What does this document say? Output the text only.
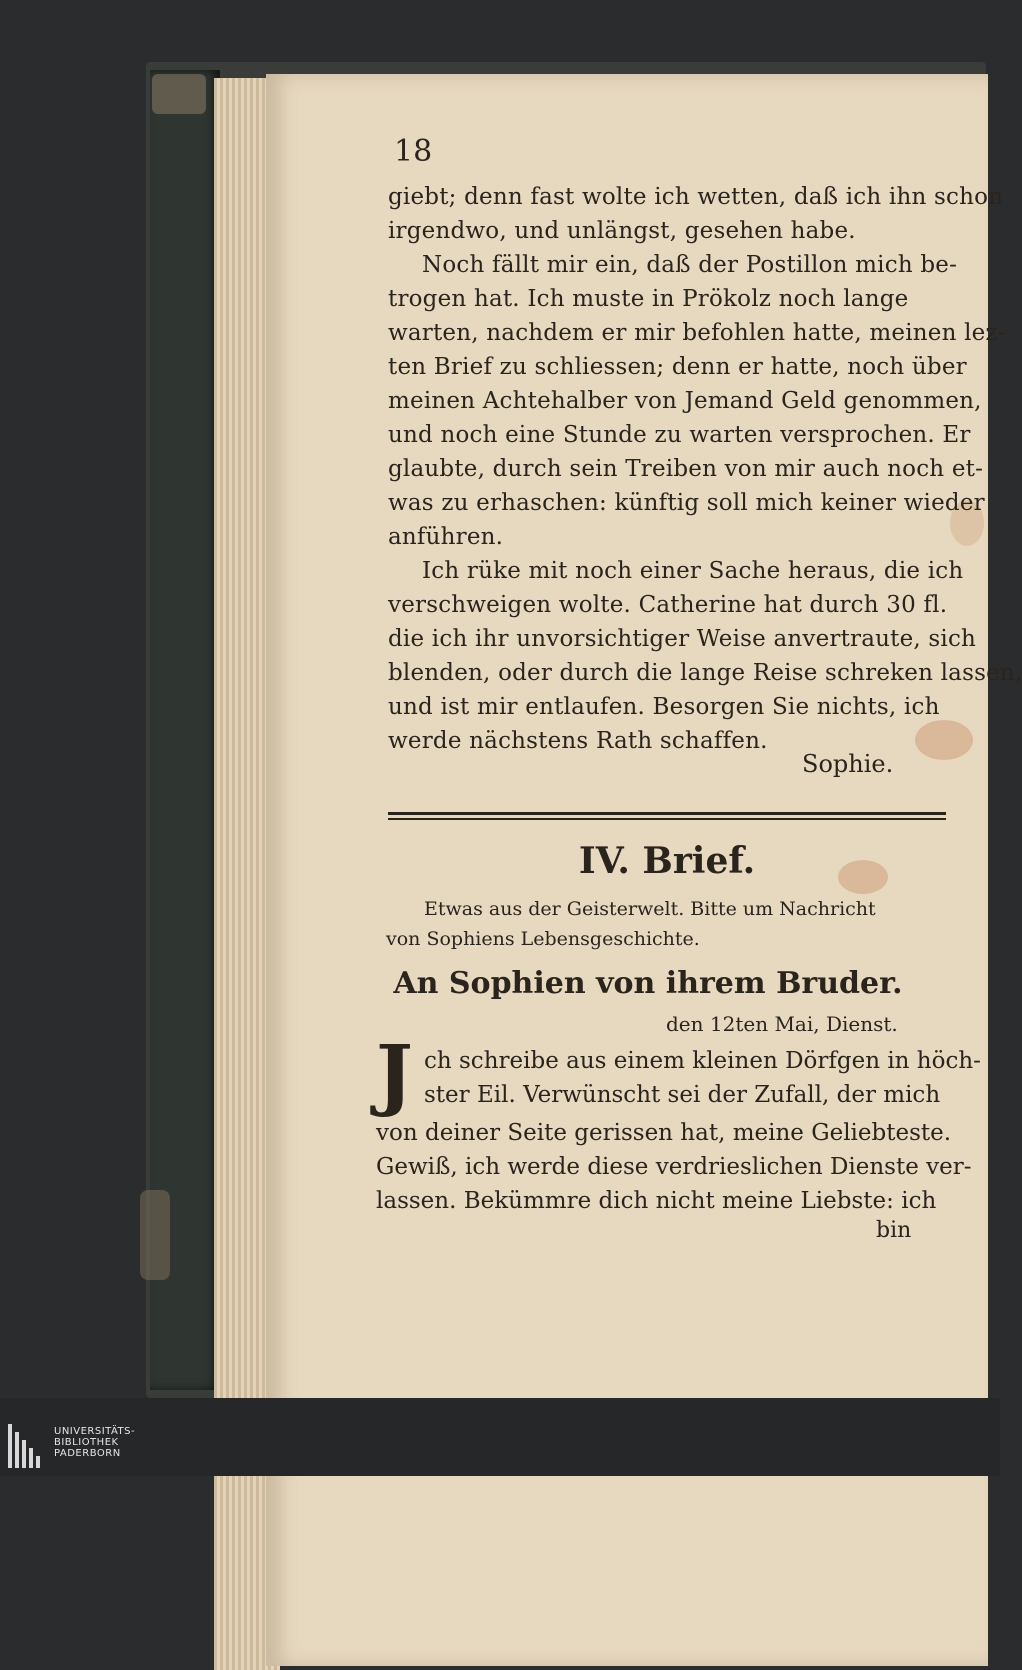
18
giebt; denn fast wolte ich wetten, daß ich ihn schon
irgendwo, und unlängst, gesehen habe.
Noch fällt mir ein, daß der Postillon mich be-
trogen hat. Ich muste in Prökolz noch lange
warten, nachdem er mir befohlen hatte, meinen lez-
ten Brief zu schliessen; denn er hatte, noch über
meinen Achtehalber von Jemand Geld genommen,
und noch eine Stunde zu warten versprochen. Er
glaubte, durch sein Treiben von mir auch noch et-
was zu erhaschen: künftig soll mich keiner wieder
anführen.
Ich rüke mit noch einer Sache heraus, die ich
verschweigen wolte. Catherine hat durch 30 fl.
die ich ihr unvorsichtiger Weise anvertraute, sich
blenden, oder durch die lange Reise schreken lassen,
und ist mir entlaufen. Besorgen Sie nichts, ich
werde nächstens Rath schaffen.
Sophie.
IV. Brief.
Etwas aus der Geisterwelt. Bitte um Nachricht
von Sophiens Lebensgeschichte.
An Sophien von ihrem Bruder.
den 12ten Mai, Dienst.
J ch schreibe aus einem kleinen Dörfgen in höch-
ster Eil. Verwünscht sei der Zufall, der mich
von deiner Seite gerissen hat, meine Geliebteste.
Gewiß, ich werde diese verdrieslichen Dienste ver-
lassen. Bekümmre dich nicht meine Liebste: ich
bin
UNIVERSITÄTS-
BIBLIOTHEK
PADERBORN
